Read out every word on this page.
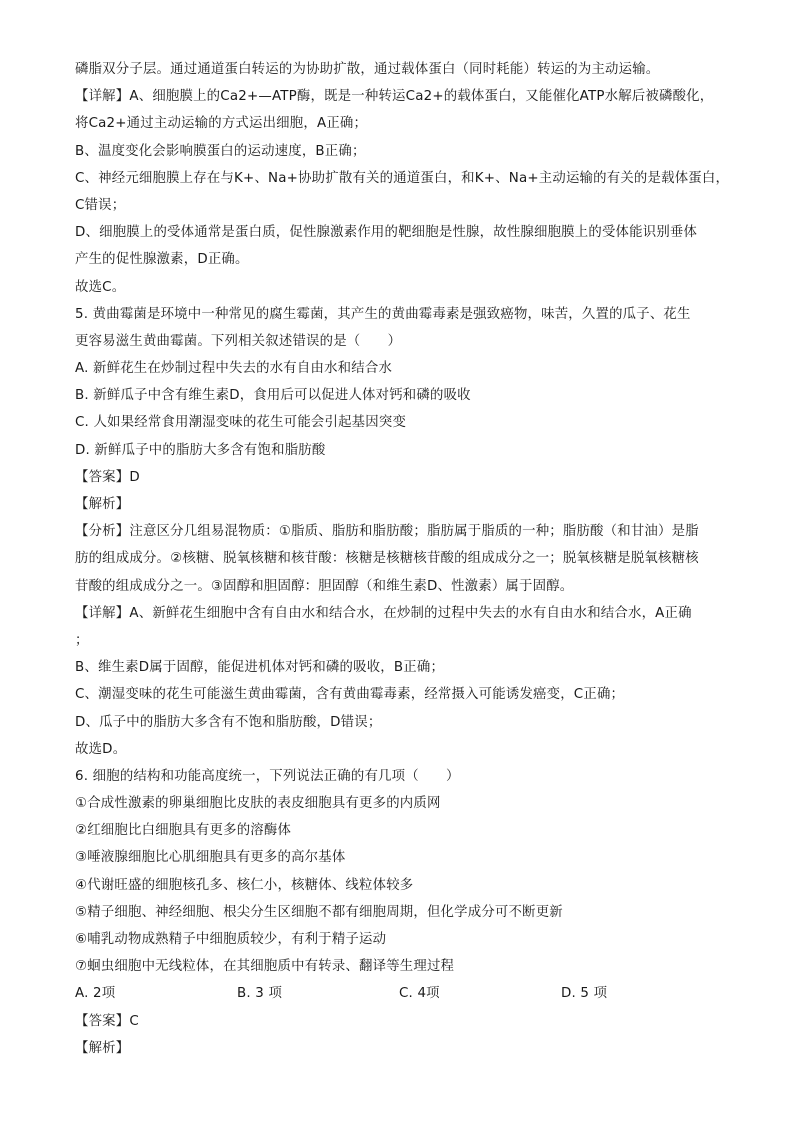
磷脂双分子层。通过通道蛋白转运的为协助扩散，通过载体蛋白（同时耗能）转运的为主动运输。
【详解】A、细胞膜上的Ca2+—ATP酶，既是一种转运Ca2+的载体蛋白，又能催化ATP水解后被磷酸化，
将Ca2+通过主动运输的方式运出细胞，A正确；
B、温度变化会影响膜蛋白的运动速度，B正确；
C、神经元细胞膜上存在与K+、Na+协助扩散有关的通道蛋白，和K+、Na+主动运输的有关的是载体蛋白，
C错误；
D、细胞膜上的受体通常是蛋白质，促性腺激素作用的靶细胞是性腺，故性腺细胞膜上的受体能识别垂体
产生的促性腺激素，D正确。
故选C。
5. 黄曲霉菌是环境中一种常见的腐生霉菌，其产生的黄曲霉毒素是强致癌物，味苦，久置的瓜子、花生
更容易滋生黄曲霉菌。下列相关叙述错误的是（　　）
A. 新鲜花生在炒制过程中失去的水有自由水和结合水
B. 新鲜瓜子中含有维生素D，食用后可以促进人体对钙和磷的吸收
C. 人如果经常食用潮湿变味的花生可能会引起基因突变
D. 新鲜瓜子中的脂肪大多含有饱和脂肪酸
【答案】D
【解析】
【分析】注意区分几组易混物质：①脂质、脂肪和脂肪酸；脂肪属于脂质的一种；脂肪酸（和甘油）是脂
肪的组成成分。②核糖、脱氧核糖和核苷酸：核糖是核糖核苷酸的组成成分之一；脱氧核糖是脱氧核糖核
苷酸的组成成分之一。③固醇和胆固醇：胆固醇（和维生素D、性激素）属于固醇。
【详解】A、新鲜花生细胞中含有自由水和结合水，在炒制的过程中失去的水有自由水和结合水，A正确
；
B、维生素D属于固醇，能促进机体对钙和磷的吸收，B正确；
C、潮湿变味的花生可能滋生黄曲霉菌，含有黄曲霉毒素，经常摄入可能诱发癌变，C正确；
D、瓜子中的脂肪大多含有不饱和脂肪酸，D错误；
故选D。
6. 细胞的结构和功能高度统一，下列说法正确的有几项（　　）
①合成性激素的卵巢细胞比皮肤的表皮细胞具有更多的内质网
②红细胞比白细胞具有更多的溶酶体
③唾液腺细胞比心肌细胞具有更多的高尔基体
④代谢旺盛的细胞核孔多、核仁小，核糖体、线粒体较多
⑤精子细胞、神经细胞、根尖分生区细胞不都有细胞周期，但化学成分可不断更新
⑥哺乳动物成熟精子中细胞质较少，有利于精子运动
⑦蛔虫细胞中无线粒体，在其细胞质中有转录、翻译等生理过程
A. 2项	B. 3 项	C. 4项	D. 5 项
【答案】C
【解析】
